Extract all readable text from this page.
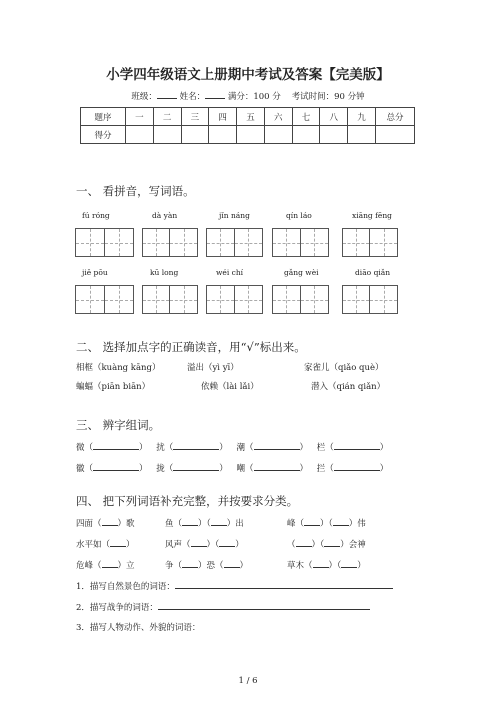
小学四年级语文上册期中考试及答案【完美版】
班级：	姓名：	满分：100 分 考试时间：90 分钟
题序	一	二	三	四	五	六	七	八	九	总分
得分										
一、 看拼音，写词语。
fú róng	dà yàn	jǐn náng	qín láo	xiāng fēng
jiě pōu	kū long	wéi chí	gǎng wèi	diāo qiǎn
二、 选择加点字的正确读音，用“√”标出来。
相框（kuàng kāng）	溢出（yì yī）	家雀儿（qiǎo què）
蝙蝠（piān biān）	依赖（lài lǎi）	潜入（qián qiǎn）
三、 辨字组词。
微（	） 扰（	） 潮（	） 栏（	）
徽（	） 拢（	） 嘲（	） 拦（	）
四、 把下列词语补充完整，并按要求分类。
四面（ ）歌	鱼（ ）（ ）出	峰（ ）（ ）伟
水平如（ ）	风声（ ）（ ）	（ ）（ ）会神
危峰（ ）立	争（ ）恐（ ）	草木（ ）（ ）
1．描写自然景色的词语：
2．描写战争的词语：
3．描写人物动作、外貌的词语：
1 / 6
